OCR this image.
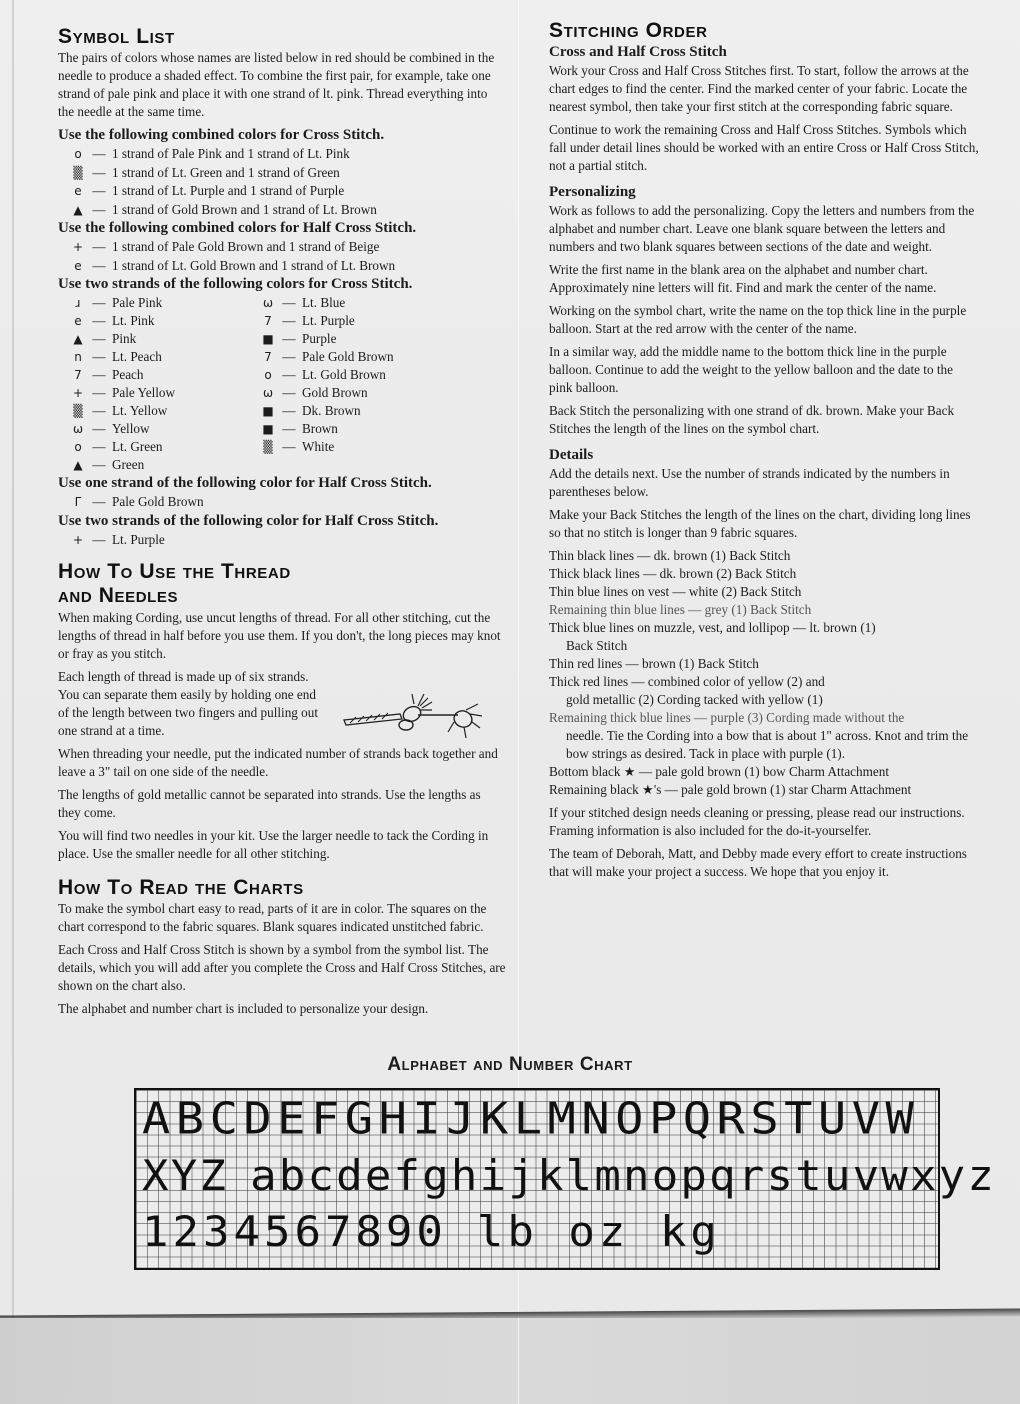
Symbol List

The pairs of colors whose names are listed below in red should be combined in the needle to produce a shaded effect. To combine the first pair, for example, take one strand of pale pink and place it with one strand of lt. pink. Thread everything into the needle at the same time.

Use the following combined colors for Cross Stitch.
o — 1 strand of Pale Pink and 1 strand of Lt. Pink
▒ — 1 strand of Lt. Green and 1 strand of Green
e — 1 strand of Lt. Purple and 1 strand of Purple
▲ — 1 strand of Gold Brown and 1 strand of Lt. Brown
Use the following combined colors for Half Cross Stitch.
+ — 1 strand of Pale Gold Brown and 1 strand of Beige
e — 1 strand of Lt. Gold Brown and 1 strand of Lt. Brown
Use two strands of the following colors for Cross Stitch.
ɹ — Pale Pink
e — Lt. Pink
▲ — Pink
n — Lt. Peach
7 — Peach
+ — Pale Yellow
▒ — Lt. Yellow
ω — Yellow
o — Lt. Green
▲ — Green
ω — Lt. Blue
7 — Lt. Purple
■ — Purple
7 — Pale Gold Brown
o — Lt. Gold Brown
ω — Gold Brown
■ — Dk. Brown
■ — Brown
▒ — White
Use one strand of the following color for Half Cross Stitch.
Γ — Pale Gold Brown
Use two strands of the following color for Half Cross Stitch.
+ — Lt. Purple
How To Use the Thread
and Needles

When making Cording, use uncut lengths of thread. For all other stitching, cut the lengths of thread in half before you use them. If you don't, the long pieces may knot or fray as you stitch.

Each length of thread is made up of six strands. You can separate them easily by holding one end of the length between two fingers and pulling out one strand at a time.

When threading your needle, put the indicated number of strands back together and leave a 3" tail on one side of the needle.

The lengths of gold metallic cannot be separated into strands. Use the lengths as they come.

You will find two needles in your kit. Use the larger needle to tack the Cording in place. Use the smaller needle for all other stitching.

How To Read the Charts

To make the symbol chart easy to read, parts of it are in color. The squares on the chart correspond to the fabric squares. Blank squares indicated unstitched fabric.

Each Cross and Half Cross Stitch is shown by a symbol from the symbol list. The details, which you will add after you complete the Cross and Half Cross Stitches, are shown on the chart also.

The alphabet and number chart is included to personalize your design.

Stitching Order
Cross and Half Cross Stitch

Work your Cross and Half Cross Stitches first. To start, follow the arrows at the chart edges to find the center. Find the marked center of your fabric. Locate the nearest symbol, then take your first stitch at the corresponding fabric square.

Continue to work the remaining Cross and Half Cross Stitches. Symbols which fall under detail lines should be worked with an entire Cross or Half Cross Stitch, not a partial stitch.

Personalizing

Work as follows to add the personalizing. Copy the letters and numbers from the alphabet and number chart. Leave one blank square between the letters and numbers and two blank squares between sections of the date and weight.

Write the first name in the blank area on the alphabet and number chart. Approximately nine letters will fit. Find and mark the center of the name.

Working on the symbol chart, write the name on the top thick line in the purple balloon. Start at the red arrow with the center of the name.

In a similar way, add the middle name to the bottom thick line in the purple balloon. Continue to add the weight to the yellow balloon and the date to the pink balloon.

Back Stitch the personalizing with one strand of dk. brown. Make your Back Stitches the length of the lines on the symbol chart.

Details

Add the details next. Use the number of strands indicated by the numbers in parentheses below.

Make your Back Stitches the length of the lines on the chart, dividing long lines so that no stitch is longer than 9 fabric squares.

Thin black lines — dk. brown (1) Back Stitch
Thick black lines — dk. brown (2) Back Stitch
Thin blue lines on vest — white (2) Back Stitch
Remaining thin blue lines — grey (1) Back Stitch
Thick blue lines on muzzle, vest, and lollipop — lt. brown (1)
Back Stitch
Thin red lines — brown (1) Back Stitch
Thick red lines — combined color of yellow (2) and
gold metallic (2) Cording tacked with yellow (1)
Remaining thick blue lines — purple (3) Cording made without the
needle. Tie the Cording into a bow that is about 1" across. Knot and trim the bow strings as desired. Tack in place with purple (1).
Bottom black ★ — pale gold brown (1) bow Charm Attachment
Remaining black ★'s — pale gold brown (1) star Charm Attachment

If your stitched design needs cleaning or pressing, please read our instructions. Framing information is also included for the do-it-yourselfer.

The team of Deborah, Matt, and Debby made every effort to create instructions that will make your project a success. We hope that you enjoy it.

Alphabet and Number Chart
ABCDEFGHIJKLMNOPQRSTUVW
XYZ abcdefghijklmnopqrstuvwxyz
1234567890 lb oz kg
